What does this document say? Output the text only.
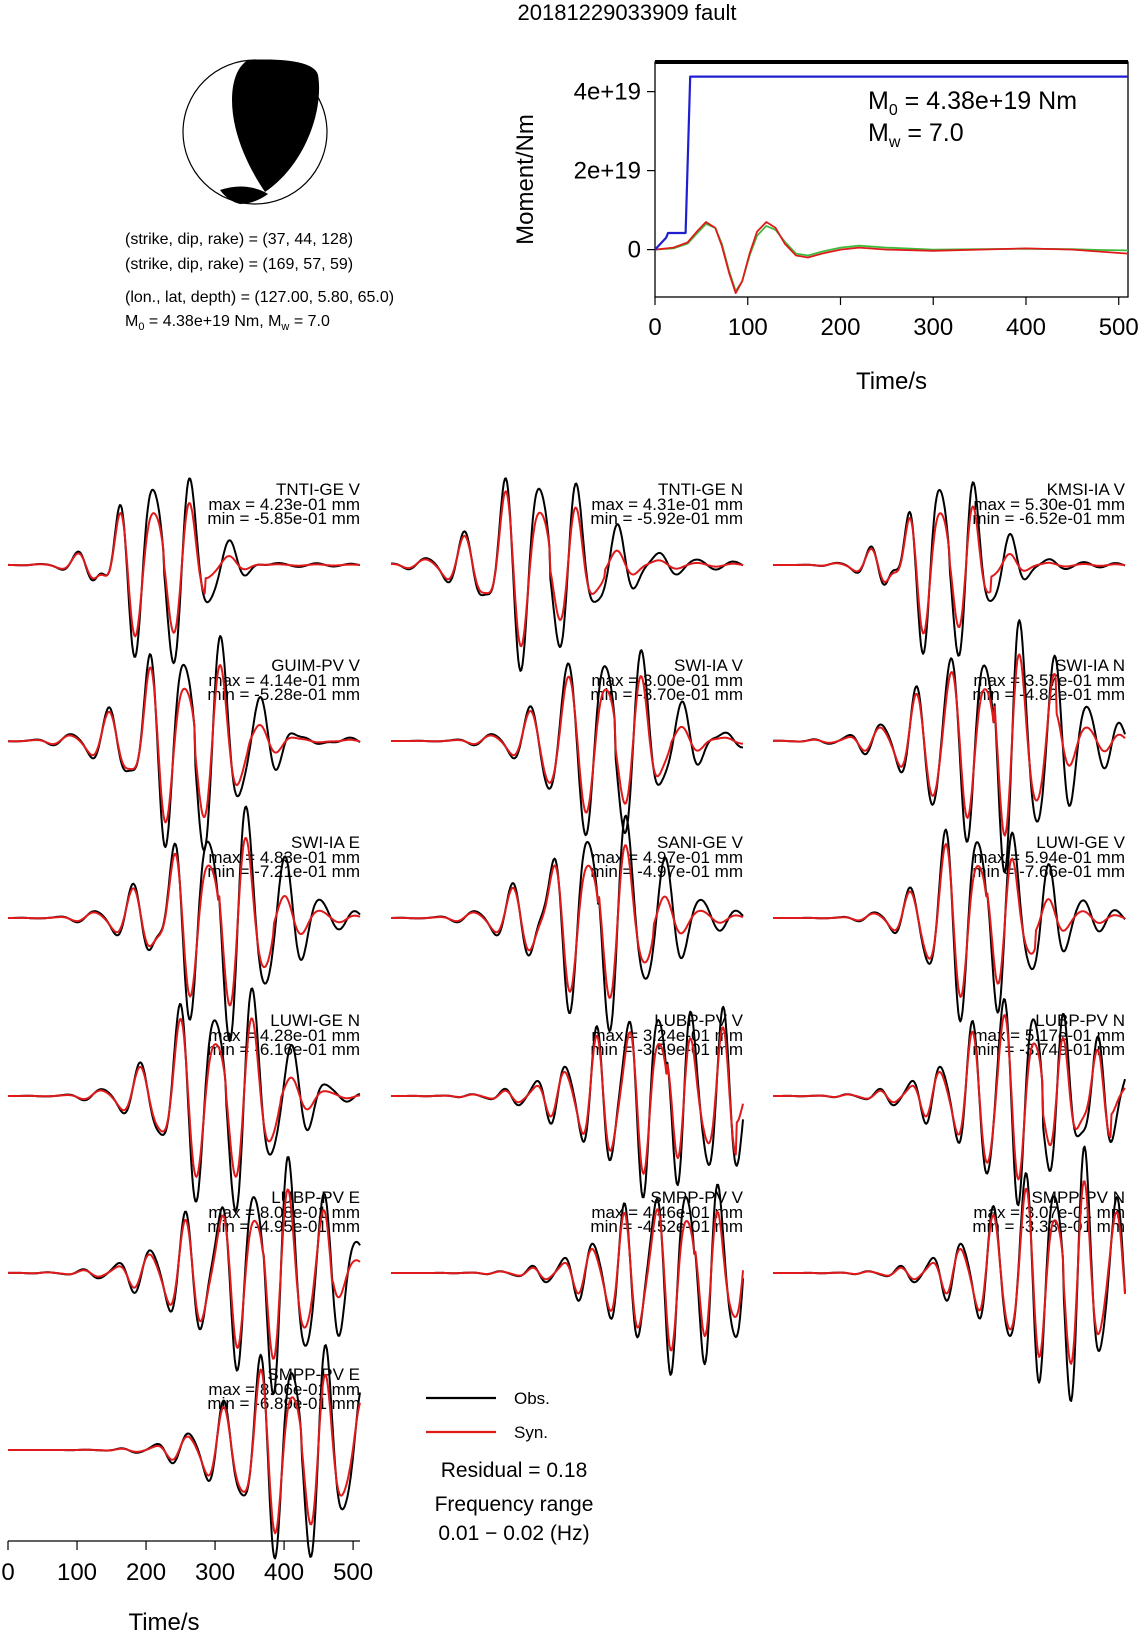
20181229033909 fault
(strike, dip, rake) = (37, 44, 128)
(strike, dip, rake) = (169, 57, 59)
(lon., lat, depth) = (127.00, 5.80, 65.0)
$M_0 = 4.38e+19$ Nm, $M_w = 7.0$	0	100 200 300 400 500
0
2e+19
4e+19
Time/s
Moment/Nm
$M_0 = 4.38e+19$ Nm
$M_w = 7.0$
TNTI-GE V
max = 4.23e-01 mm
min = -5.85e-01 mm
TNTI-GE N
max = 4.31e-01 mm
min = -5.92e-01 mm
KMSI-IA V
max = 5.30e-01 mm
min = -6.52e-01 mm
GUIM-PV V
max = 4.14e-01 mm
min = -5.28e-01 mm
SWI-IA V
max = 3.00e-01 mm
min = -3.70e-01 mm
SWI-IA N
max = 3.57e-01 mm
min = -4.82e-01 mm
SWI-IA E
max = 4.83e-01 mm
min = -7.21e-01 mm
SANI-GE V
max = 4.97e-01 mm
min = -4.97e-01 mm
LUWI-GE V
max = 5.94e-01 mm
min = -7.66e-01 mm
LUWI-GE N
max = 4.28e-01 mm
min = -6.16e-01 mm
LUBP-PV V
max = 3.24e-01 mm
min = -3.59e-01 mm
LUBP-PV N
max = 5.17e-01 mm
min = -3.74e-01 mm
LUBP-PV E
max = 8.08e-01 mm
min = -4.95e-01 mm
SMPP-PV V
max = 4.46e-01 mm
min = -4.52e-01 mm
SMPP-PV N
max = 3.07e-01 mm
min = -3.33e-01 mm
SMPP-PV E
max = 8.06e-01 mm
min = -6.89e-01 mm
0 100 200 300 400 500
Time/s
Obs.
Syn.
Residual = 0.18
Frequency range
0.01 − 0.02 (Hz)
